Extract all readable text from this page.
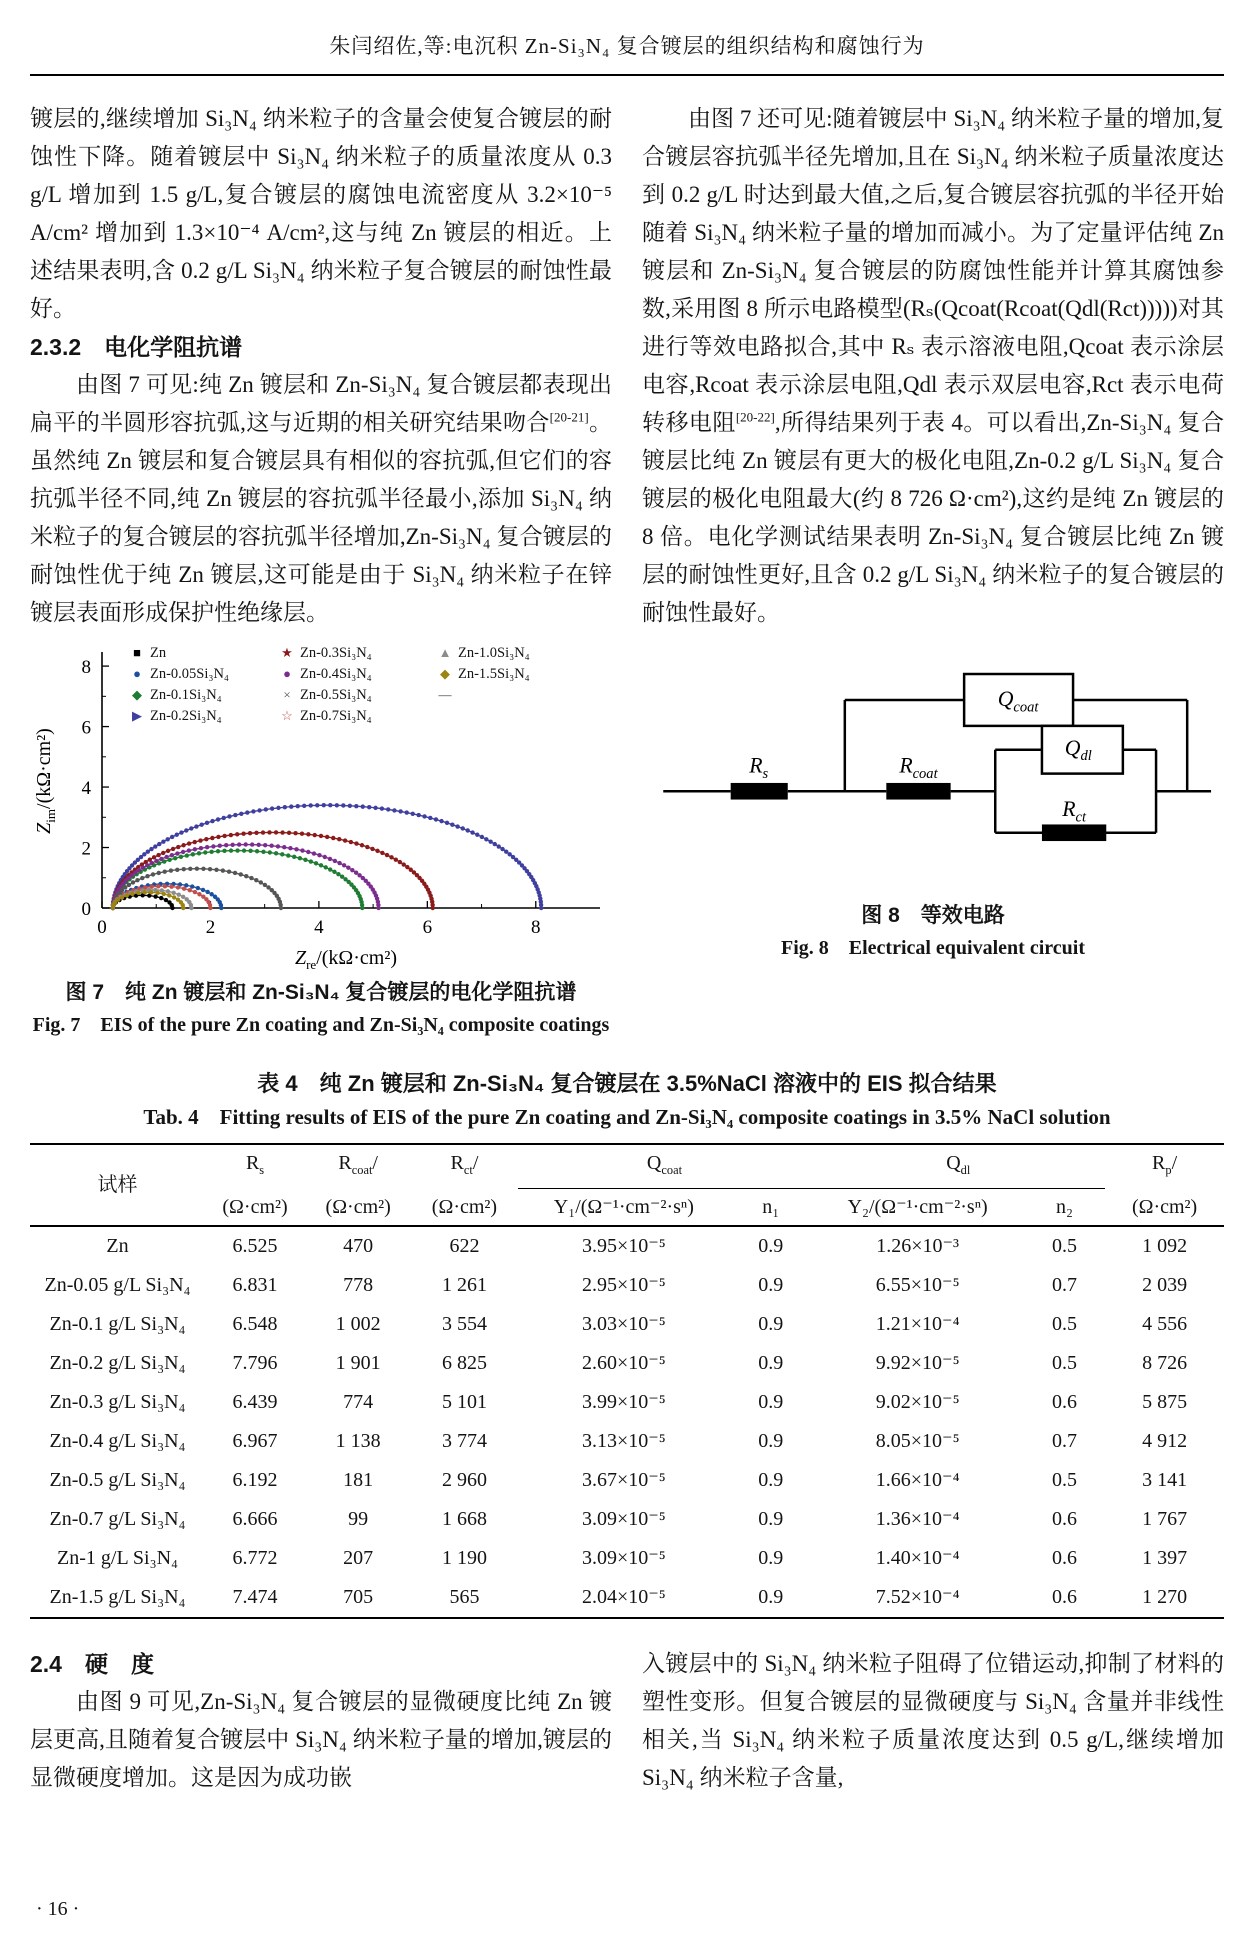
朱闫绍佐,等:电沉积 Zn-Si₃N₄ 复合镀层的组织结构和腐蚀行为

镀层的,继续增加 Si₃N₄ 纳米粒子的含量会使复合镀层的耐蚀性下降。随着镀层中 Si₃N₄ 纳米粒子的质量浓度从 0.3 g/L 增加到 1.5 g/L,复合镀层的腐蚀电流密度从 3.2×10⁻⁵ A/cm² 增加到 1.3×10⁻⁴ A/cm²,这与纯 Zn 镀层的相近。上述结果表明,含 0.2 g/L Si₃N₄ 纳米粒子复合镀层的耐蚀性最好。

2.3.2　电化学阻抗谱

由图 7 可见:纯 Zn 镀层和 Zn-Si₃N₄ 复合镀层都表现出扁平的半圆形容抗弧,这与近期的相关研究结果吻合[20-21]。虽然纯 Zn 镀层和复合镀层具有相似的容抗弧,但它们的容抗弧半径不同,纯 Zn 镀层的容抗弧半径最小,添加 Si₃N₄ 纳米粒子的复合镀层的容抗弧半径增加,Zn-Si₃N₄ 复合镀层的耐蚀性优于纯 Zn 镀层,这可能是由于 Si₃N₄ 纳米粒子在锌镀层表面形成保护性绝缘层。

0	2	4	6	8
0
2
4
6
8
$Z_{im}/(k\Omega\cdot cm^2)$
$Z_{re}/(k\Omega\cdot cm^2)$
■ Zn
● Zn-0.05Si₃N₄
◆ Zn-0.1Si₃N₄
▶ Zn-0.2Si₃N₄
★ Zn-0.3Si₃N₄
● Zn-0.4Si₃N₄
× Zn-0.5Si₃N₄
☆ Zn-0.7Si₃N₄
▲ Zn-1.0Si₃N₄
◆ Zn-1.5Si₃N₄
—
图 7　纯 Zn 镀层和 Zn-Si₃N₄ 复合镀层的电化学阻抗谱
Fig. 7　EIS of the pure Zn coating and Zn-Si₃N₄ composite coatings

由图 7 还可见:随着镀层中 Si₃N₄ 纳米粒子量的增加,复合镀层容抗弧半径先增加,且在 Si₃N₄ 纳米粒子质量浓度达到 0.2 g/L 时达到最大值,之后,复合镀层容抗弧的半径开始随着 Si₃N₄ 纳米粒子量的增加而减小。为了定量评估纯 Zn 镀层和 Zn-Si₃N₄ 复合镀层的防腐蚀性能并计算其腐蚀参数,采用图 8 所示电路模型(Rₛ(Qcoat(Rcoat(Qdl(Rct)))))对其进行等效电路拟合,其中 Rₛ 表示溶液电阻,Qcoat 表示涂层电容,Rcoat 表示涂层电阻,Qdl 表示双层电容,Rct 表示电荷转移电阻[20-22],所得结果列于表 4。可以看出,Zn-Si₃N₄ 复合镀层比纯 Zn 镀层有更大的极化电阻,Zn-0.2 g/L Si₃N₄ 复合镀层的极化电阻最大(约 8 726 Ω·cm²),这约是纯 Zn 镀层的 8 倍。电化学测试结果表明 Zn-Si₃N₄ 复合镀层比纯 Zn 镀层的耐蚀性更好,且含 0.2 g/L Si₃N₄ 纳米粒子的复合镀层的耐蚀性最好。

$R_s$
$Q_{coat}$
$R_{coat}$
$Q_{dl}$
$R_{ct}$
图 8　等效电路
Fig. 8　Electrical equivalent circuit
表 4　纯 Zn 镀层和 Zn-Si₃N₄ 复合镀层在 3.5%NaCl 溶液中的 EIS 拟合结果
Tab. 4　Fitting results of EIS of the pure Zn coating and Zn-Si₃N₄ composite coatings in 3.5% NaCl solution
试样	$R_s$	$R_{coat}/$	$R_{ct}/$	$Q_{coat}$		$Q_{dl}$		$R_p/$
	(Ω·cm²)	(Ω·cm²)	(Ω·cm²)	Y₁/(Ω⁻¹·cm⁻²·sⁿ)	n₁	Y₂/(Ω⁻¹·cm⁻²·sⁿ)	n₂	(Ω·cm²)
Zn	6.525	470	622	3.95×10⁻⁵	0.9	1.26×10⁻³	0.5	1 092
Zn-0.05 g/L Si₃N₄	6.831	778	1 261	2.95×10⁻⁵	0.9	6.55×10⁻⁵	0.7	2 039
Zn-0.1 g/L Si₃N₄	6.548	1 002	3 554	3.03×10⁻⁵	0.9	1.21×10⁻⁴	0.5	4 556
Zn-0.2 g/L Si₃N₄	7.796	1 901	6 825	2.60×10⁻⁵	0.9	9.92×10⁻⁵	0.5	8 726
Zn-0.3 g/L Si₃N₄	6.439	774	5 101	3.99×10⁻⁵	0.9	9.02×10⁻⁵	0.6	5 875
Zn-0.4 g/L Si₃N₄	6.967	1 138	3 774	3.13×10⁻⁵	0.9	8.05×10⁻⁵	0.7	4 912
Zn-0.5 g/L Si₃N₄	6.192	181	2 960	3.67×10⁻⁵	0.9	1.66×10⁻⁴	0.5	3 141
Zn-0.7 g/L Si₃N₄	6.666	99	1 668	3.09×10⁻⁵	0.9	1.36×10⁻⁴	0.6	1 767
Zn-1 g/L Si₃N₄	6.772	207	1 190	3.09×10⁻⁵	0.9	1.40×10⁻⁴	0.6	1 397
Zn-1.5 g/L Si₃N₄	7.474	705	565	2.04×10⁻⁵	0.9	7.52×10⁻⁴	0.6	1 270

2.4　硬　度

由图 9 可见,Zn-Si₃N₄ 复合镀层的显微硬度比纯 Zn 镀层更高,且随着复合镀层中 Si₃N₄ 纳米粒子量的增加,镀层的显微硬度增加。这是因为成功嵌

入镀层中的 Si₃N₄ 纳米粒子阻碍了位错运动,抑制了材料的塑性变形。但复合镀层的显微硬度与 Si₃N₄ 含量并非线性相关,当 Si₃N₄ 纳米粒子质量浓度达到 0.5 g/L,继续增加 Si₃N₄ 纳米粒子含量,

· 16 ·
